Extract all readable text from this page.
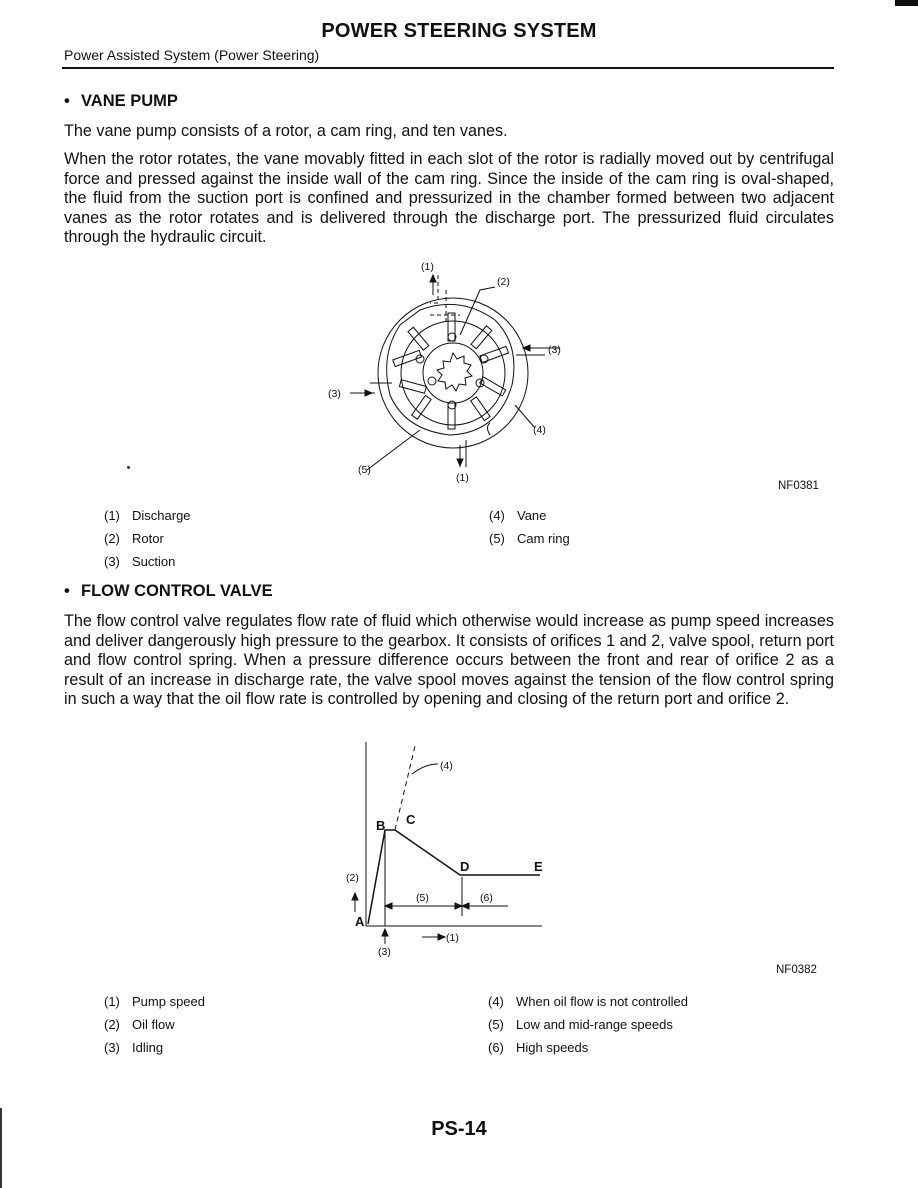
POWER STEERING SYSTEM
Power Assisted System (Power Steering)
• VANE PUMP
The vane pump consists of a rotor, a cam ring, and ten vanes.
When the rotor rotates, the vane movably fitted in each slot of the rotor is radially moved out by centrifugal force and pressed against the inside wall of the cam ring. Since the inside of the cam ring is oval-shaped, the fluid from the suction port is confined and pressurized in the chamber formed between two adjacent vanes as the rotor rotates and is delivered through the discharge port. The pressurized fluid circulates through the hydraulic circuit.
(1)
(2)
(3)
(3)
(4)
(5)
(1)
NF0381
(1) Discharge
(2) Rotor
(3) Suction
(4) Vane
(5) Cam ring
• FLOW CONTROL VALVE
The flow control valve regulates flow rate of fluid which otherwise would increase as pump speed increases and deliver dangerously high pressure to the gearbox. It consists of orifices 1 and 2, valve spool, return port and flow control spring. When a pressure difference occurs between the front and rear of orifice 2 as a result of an increase in discharge rate, the valve spool moves against the tension of the flow control spring in such a way that the oil flow rate is controlled by opening and closing of the return port and orifice 2.
A
B C
D	E
(4)
(2)
(5)	(6)
(3)
(1)
NF0382
(1) Pump speed
(2) Oil flow
(3) Idling
(4) When oil flow is not controlled
(5) Low and mid-range speeds
(6) High speeds
PS-14
